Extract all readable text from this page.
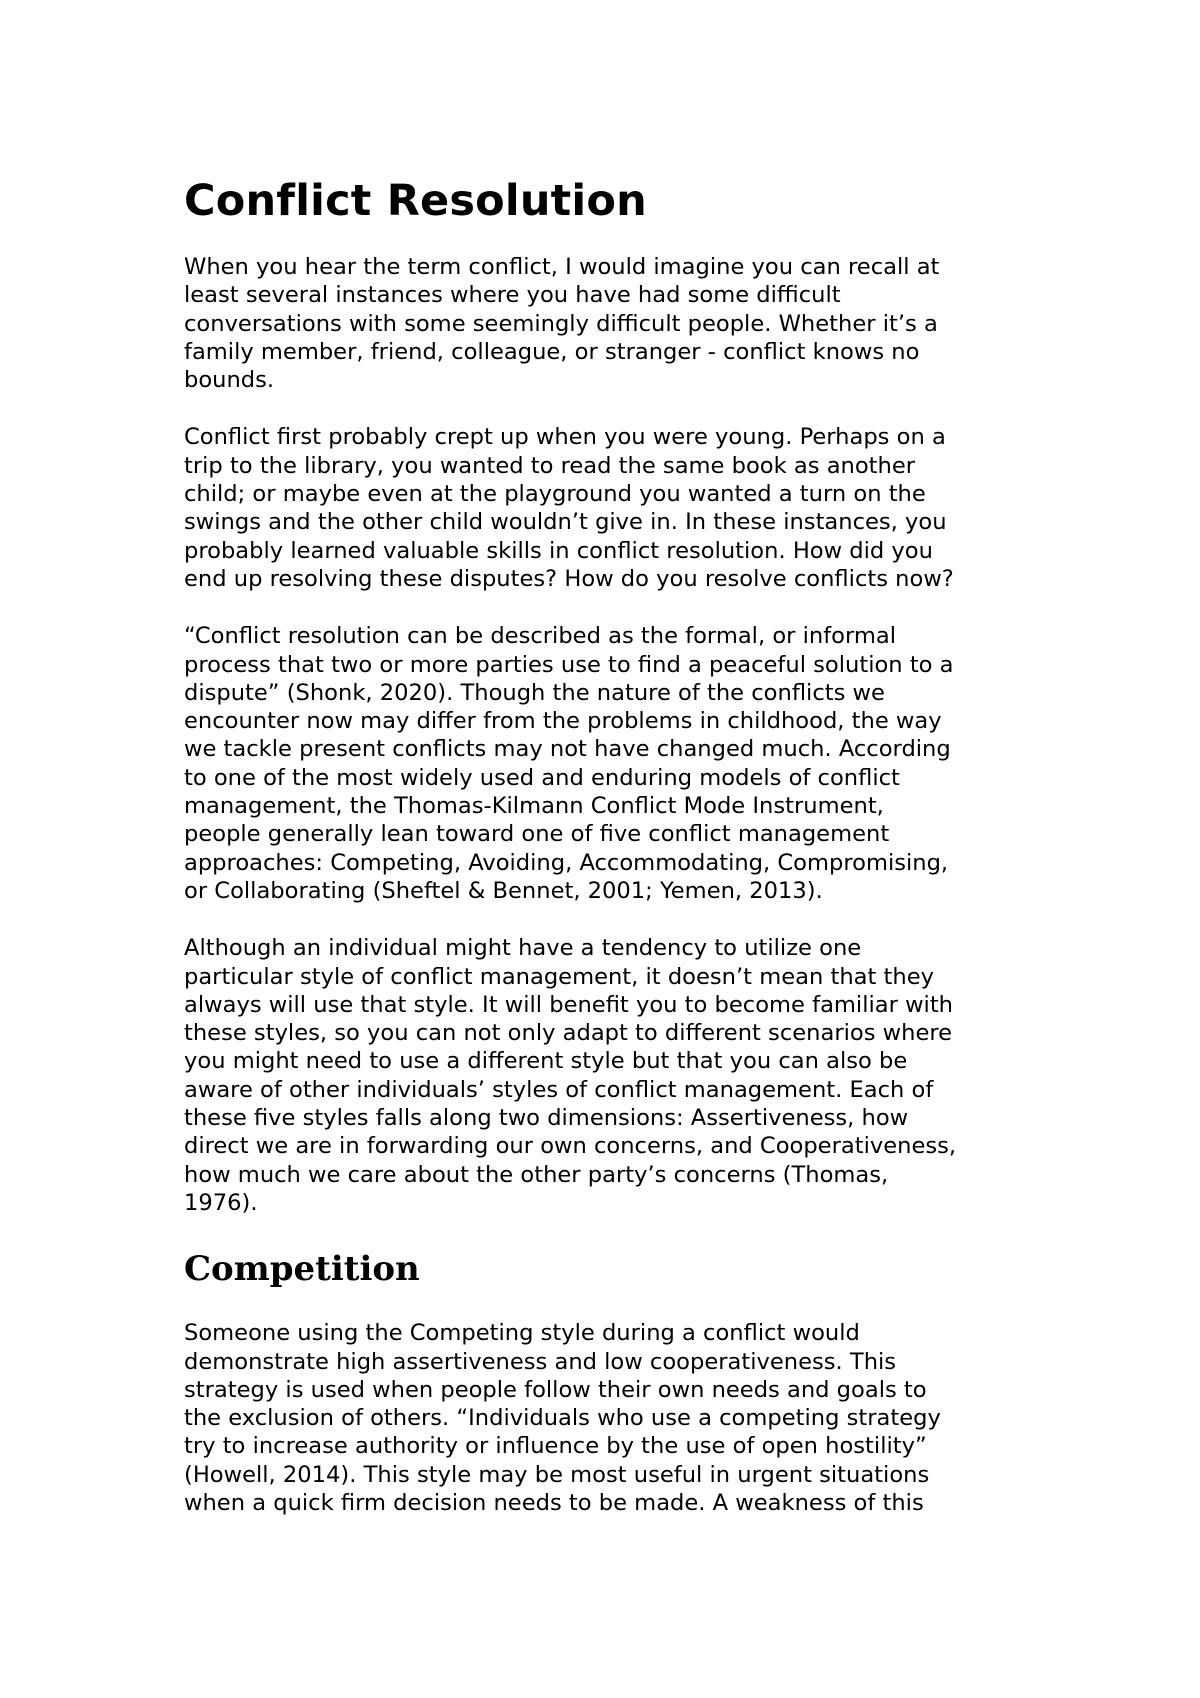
Conflict Resolution

When you hear the term conflict, I would imagine you can recall at
least several instances where you have had some difficult
conversations with some seemingly difficult people. Whether it’s a
family member, friend, colleague, or stranger - conflict knows no
bounds.

Conflict first probably crept up when you were young. Perhaps on a
trip to the library, you wanted to read the same book as another
child; or maybe even at the playground you wanted a turn on the
swings and the other child wouldn’t give in. In these instances, you
probably learned valuable skills in conflict resolution. How did you
end up resolving these disputes? How do you resolve conflicts now?

“Conflict resolution can be described as the formal, or informal
process that two or more parties use to find a peaceful solution to a
dispute” (Shonk, 2020). Though the nature of the conflicts we
encounter now may differ from the problems in childhood, the way
we tackle present conflicts may not have changed much. According
to one of the most widely used and enduring models of conflict
management, the Thomas-Kilmann Conflict Mode Instrument,
people generally lean toward one of five conflict management
approaches: Competing, Avoiding, Accommodating, Compromising,
or Collaborating (Sheftel & Bennet, 2001; Yemen, 2013).

Although an individual might have a tendency to utilize one
particular style of conflict management, it doesn’t mean that they
always will use that style. It will benefit you to become familiar with
these styles, so you can not only adapt to different scenarios where
you might need to use a different style but that you can also be
aware of other individuals’ styles of conflict management. Each of
these five styles falls along two dimensions: Assertiveness, how
direct we are in forwarding our own concerns, and Cooperativeness,
how much we care about the other party’s concerns (Thomas,
1976).

Competition

Someone using the Competing style during a conflict would
demonstrate high assertiveness and low cooperativeness. This
strategy is used when people follow their own needs and goals to
the exclusion of others. “Individuals who use a competing strategy
try to increase authority or influence by the use of open hostility”
(Howell, 2014). This style may be most useful in urgent situations
when a quick firm decision needs to be made. A weakness of this
